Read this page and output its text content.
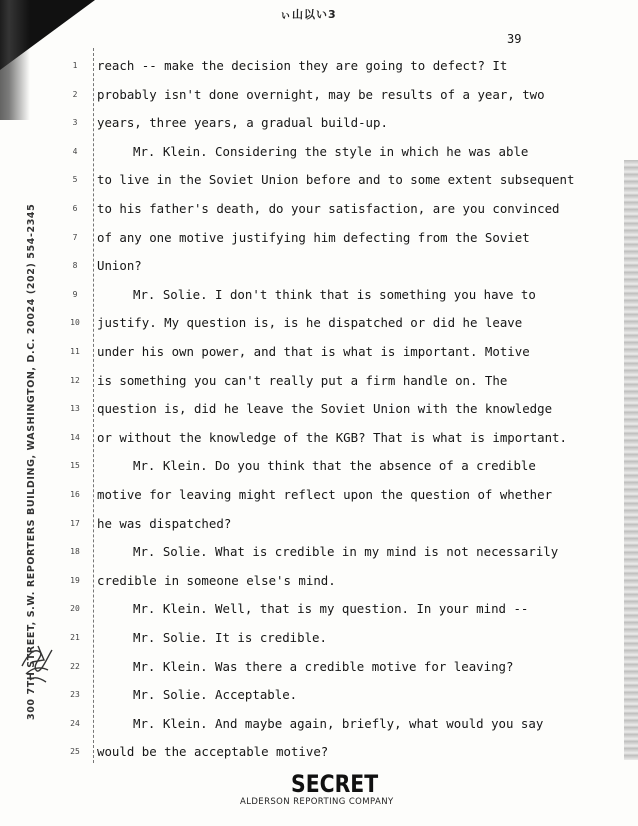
ぃ山以い3
39
300 7TH STREET, S.W. REPORTERS BUILDING, WASHINGTON, D.C. 20024 (202) 554-2345
1	reach -- make the decision they are going to defect? It
2	probably isn't done overnight, may be results of a year, two
3	years, three years, a gradual build-up.
4	Mr. Klein. Considering the style in which he was able
5	to live in the Soviet Union before and to some extent subsequent
6	to his father's death, do your satisfaction, are you convinced
7	of any one motive justifying him defecting from the Soviet
8	Union?
9	Mr. Solie. I don't think that is something you have to
10 justify. My question is, is he dispatched or did he leave
11 under his own power, and that is what is important. Motive
12 is something you can't really put a firm handle on. The
13 question is, did he leave the Soviet Union with the knowledge
14 or without the knowledge of the KGB? That is what is important.
15	Mr. Klein. Do you think that the absence of a credible
16 motive for leaving might reflect upon the question of whether
17 he was dispatched?
18	Mr. Solie. What is credible in my mind is not necessarily
19 credible in someone else's mind.
20	Mr. Klein. Well, that is my question. In your mind --
21	Mr. Solie. It is credible.
22	Mr. Klein. Was there a credible motive for leaving?
23	Mr. Solie. Acceptable.
24	Mr. Klein. And maybe again, briefly, what would you say
25 would be the acceptable motive?
SECRET
ALDERSON REPORTING COMPANY
